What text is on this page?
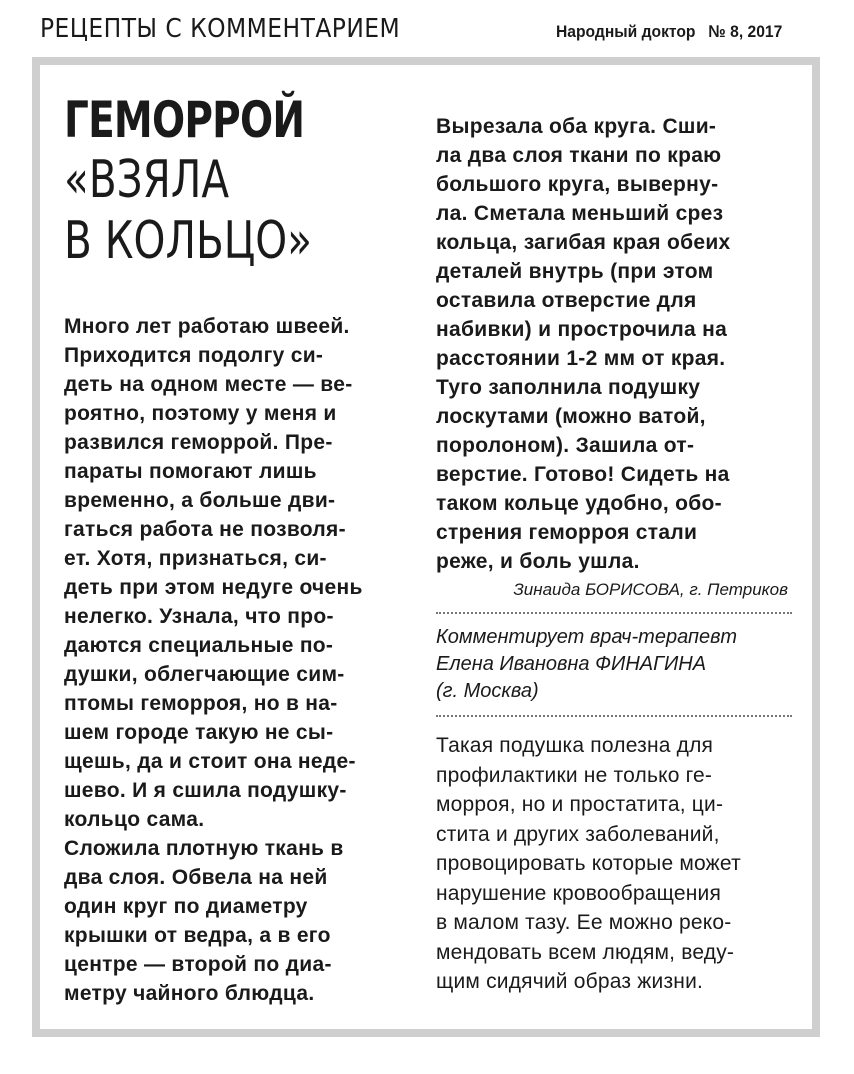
РЕЦЕПТЫ С КОММЕНТАРИЕМ	Народный доктор № 8, 2017
ГЕМОРРОЙ
«ВЗЯЛА
В КОЛЬЦО»
Много лет работаю швеей.
Приходится подолгу си-
деть на одном месте — ве-
роятно, поэтому у меня и
развился геморрой. Пре-
параты помогают лишь
временно, а больше дви-
гаться работа не позволя-
ет. Хотя, признаться, си-
деть при этом недуге очень
нелегко. Узнала, что про-
даются специальные по-
душки, облегчающие сим-
птомы геморроя, но в на-
шем городе такую не сы-
щешь, да и стоит она неде-
шево. И я сшила подушку-
кольцо сама.
Сложила плотную ткань в
два слоя. Обвела на ней
один круг по диаметру
крышки от ведра, а в его
центре — второй по диа-
метру чайного блюдца.
Вырезала оба круга. Сши-
ла два слоя ткани по краю
большого круга, выверну-
ла. Сметала меньший срез
кольца, загибая края обеих
деталей внутрь (при этом
оставила отверстие для
набивки) и прострочила на
расстоянии 1-2 мм от края.
Туго заполнила подушку
лоскутами (можно ватой,
поролоном). Зашила от-
верстие. Готово! Сидеть на
таком кольце удобно, обо-
стрения геморроя стали
реже, и боль ушла.
Зинаида БОРИСОВА, г. Петриков
Комментирует врач-терапевт
Елена Ивановна ФИНАГИНА
(г. Москва)
Такая подушка полезна для
профилактики не только ге-
морроя, но и простатита, ци-
стита и других заболеваний,
провоцировать которые может
нарушение кровообращения
в малом тазу. Ее можно реко-
мендовать всем людям, веду-
щим сидячий образ жизни.
